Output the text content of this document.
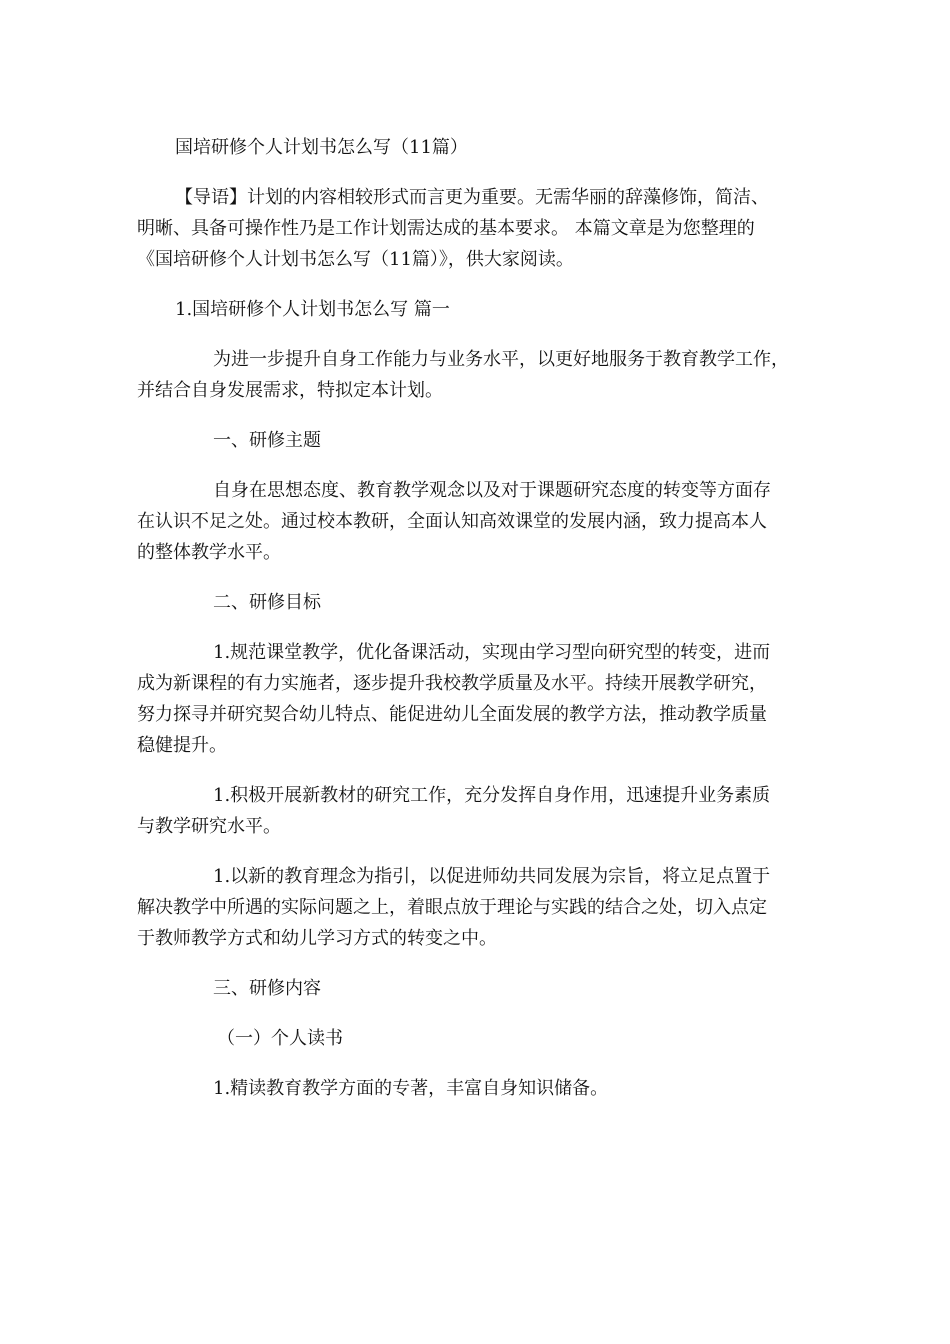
国培研修个人计划书怎么写（11篇）

【导语】计划的内容相较形式而言更为重要。无需华丽的辞藻修饰，简洁、

明晰、具备可操作性乃是工作计划需达成的基本要求。 本篇文章是为您整理的

《国培研修个人计划书怎么写（11篇）》，供大家阅读。

1.国培研修个人计划书怎么写 篇一

为进一步提升自身工作能力与业务水平，以更好地服务于教育教学工作，

并结合自身发展需求，特拟定本计划。

一、研修主题

自身在思想态度、教育教学观念以及对于课题研究态度的转变等方面存

在认识不足之处。通过校本教研，全面认知高效课堂的发展内涵，致力提高本人

的整体教学水平。

二、研修目标

1.规范课堂教学，优化备课活动，实现由学习型向研究型的转变，进而

成为新课程的有力实施者，逐步提升我校教学质量及水平。持续开展教学研究，

努力探寻并研究契合幼儿特点、能促进幼儿全面发展的教学方法，推动教学质量

稳健提升。

1.积极开展新教材的研究工作，充分发挥自身作用，迅速提升业务素质

与教学研究水平。

1.以新的教育理念为指引，以促进师幼共同发展为宗旨，将立足点置于

解决教学中所遇的实际问题之上，着眼点放于理论与实践的结合之处，切入点定

于教师教学方式和幼儿学习方式的转变之中。

三、研修内容

（一）个人读书

1.精读教育教学方面的专著，丰富自身知识储备。
